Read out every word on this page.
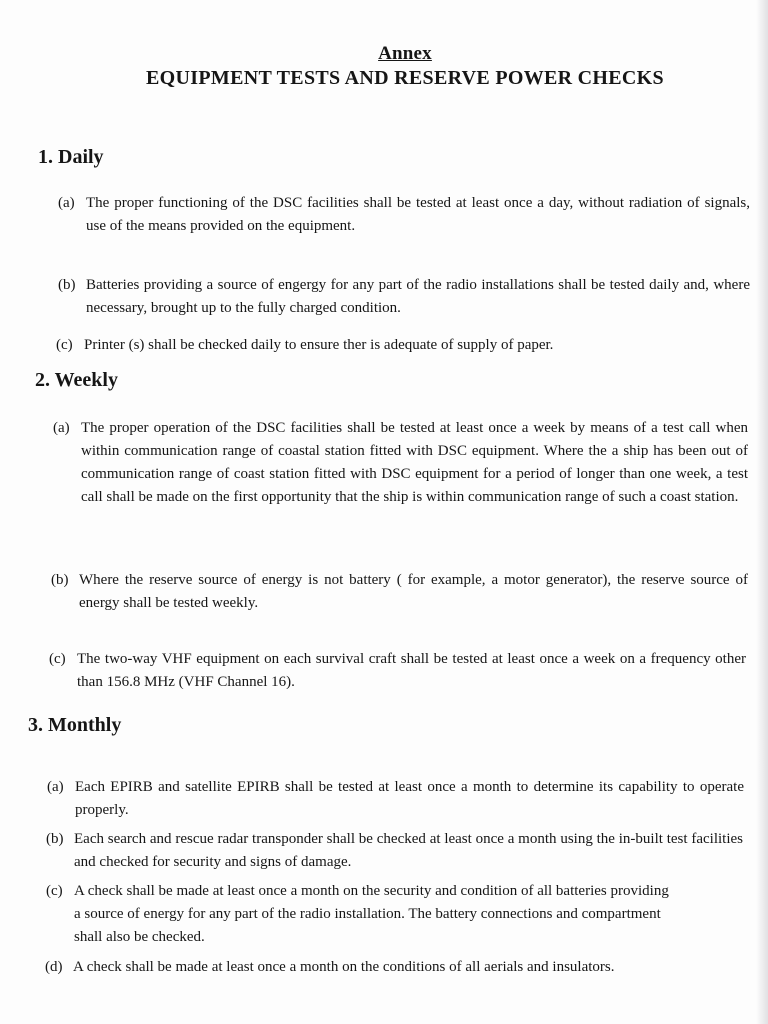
Annex
EQUIPMENT TESTS AND RESERVE POWER CHECKS
1. Daily
(a) The proper functioning of the DSC facilities shall be tested at least once a day, without radiation of signals, use of the means provided on the equipment.
(b) Batteries providing a source of engergy for any part of the radio installations shall be tested daily and, where necessary, brought up to the fully charged condition.
(c) Printer (s) shall be checked daily to ensure ther is adequate of supply of paper.
2. Weekly
(a) The proper operation of the DSC facilities shall be tested at least once a week by means of a test call when within communication range of coastal station fitted with DSC equipment. Where the a ship has been out of communication range of coast station fitted with DSC equipment for a period of longer than one week, a test call shall be made on the first opportunity that the ship is within communication range of such a coast station.
(b) Where the reserve source of energy is not battery ( for example, a motor generator), the reserve source of energy shall be tested weekly.
(c) The two-way VHF equipment on each survival craft shall be tested at least once a week on a frequency other than 156.8 MHz (VHF Channel 16).
3. Monthly
(a) Each EPIRB and satellite EPIRB shall be tested at least once a month to determine its capability to operate properly.
(b) Each search and rescue radar transponder shall be checked at least once a month using the in-built test facilities and checked for security and signs of damage.
(c) A check shall be made at least once a month on the security and condition of all batteries providing a source of energy for any part of the radio installation. The battery connections and compartment shall also be checked.
(d) A check shall be made at least once a month on the conditions of all aerials and insulators.
